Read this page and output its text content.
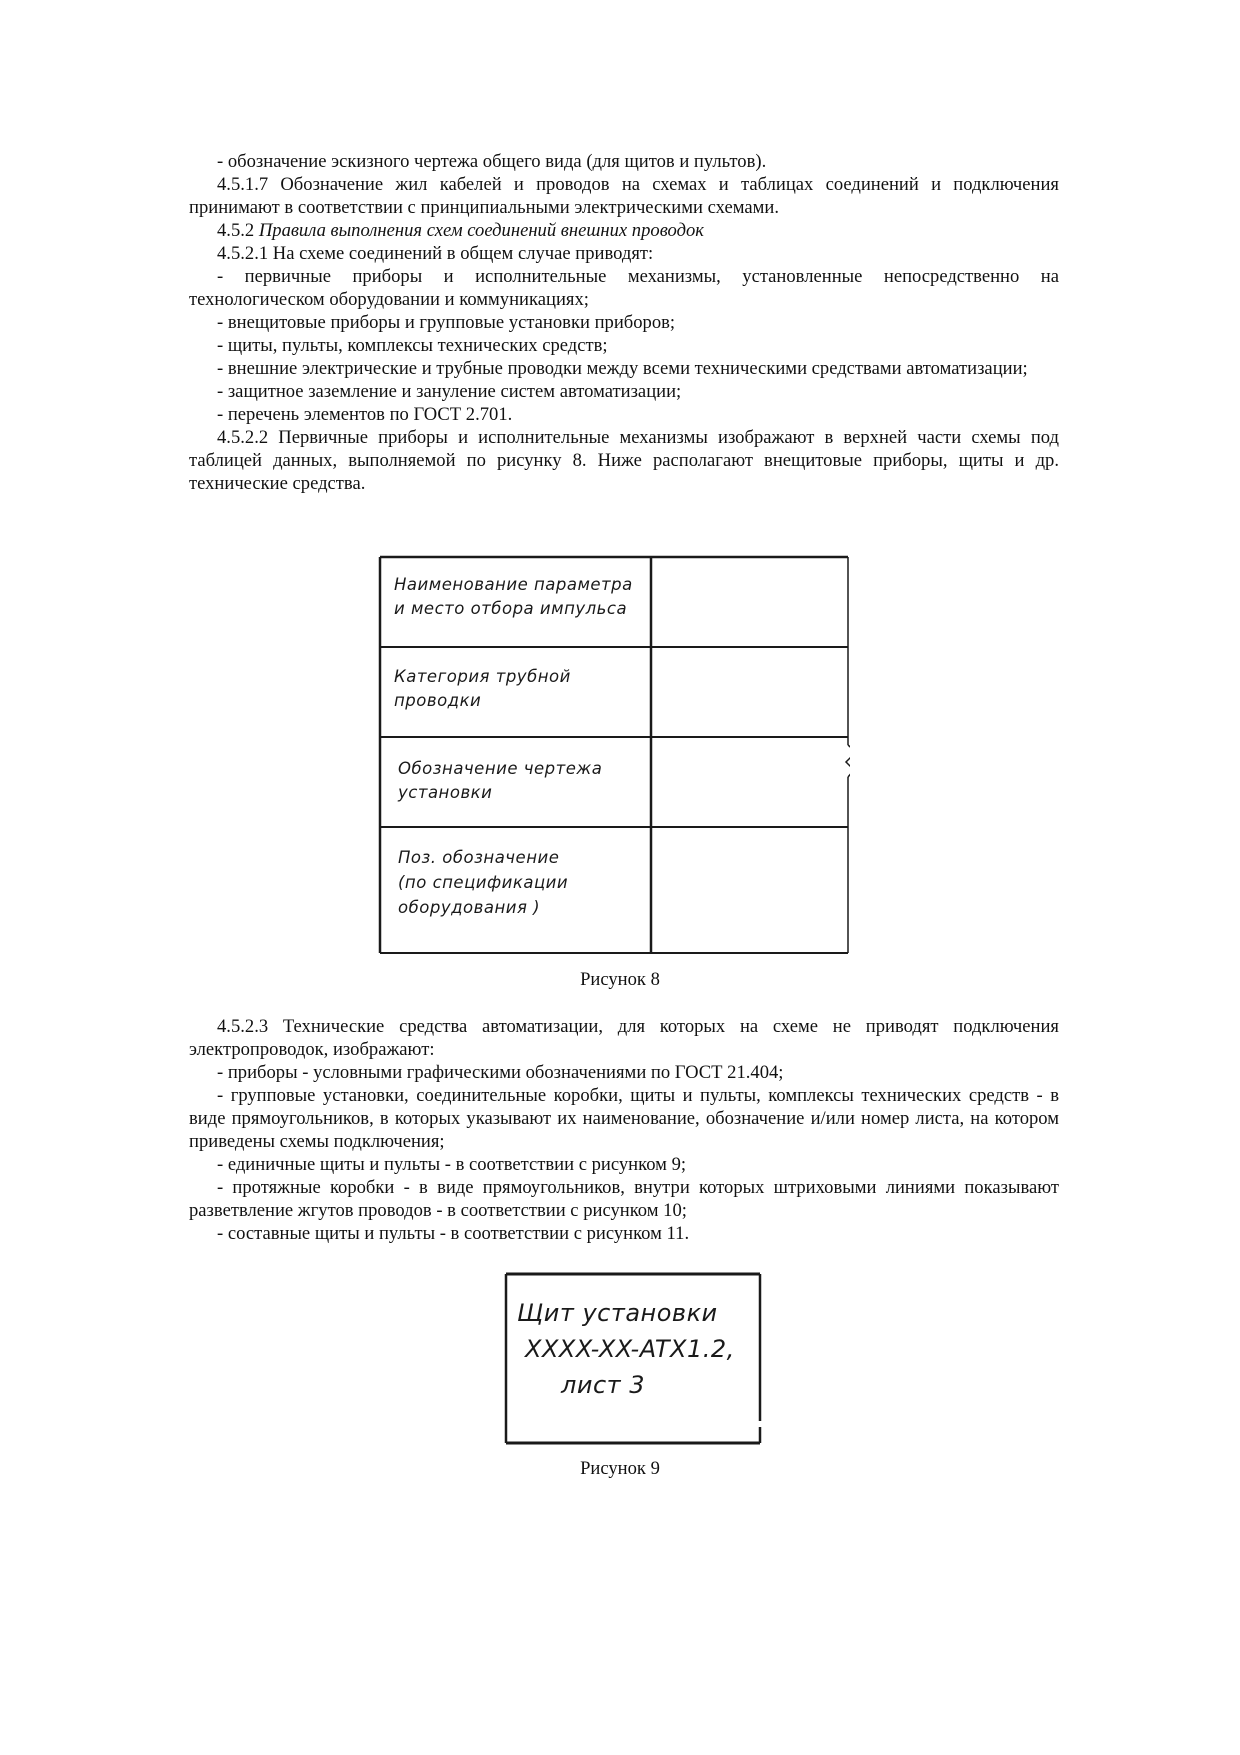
- обозначение эскизного чертежа общего вида (для щитов и пультов).

4.5.1.7 Обозначение жил кабелей и проводов на схемах и таблицах соединений и подключения принимают в соответствии с принципиальными электрическими схемами.

4.5.2 Правила выполнения схем соединений внешних проводок

4.5.2.1 На схеме соединений в общем случае приводят:

- первичные приборы и исполнительные механизмы, установленные непосредственно на технологическом оборудовании и коммуникациях;

- внещитовые приборы и групповые установки приборов;

- щиты, пульты, комплексы технических средств;

- внешние электрические и трубные проводки между всеми техническими средствами автоматизации;

- защитное заземление и зануление систем автоматизации;

- перечень элементов по ГОСТ 2.701.

4.5.2.2 Первичные приборы и исполнительные механизмы изображают в верхней части схемы под таблицей данных, выполняемой по рисунку 8. Ниже располагают внещитовые приборы, щиты и др. технические средства.

Наименование параметра
и место отбора импульса
Категория трубной
проводки
Обозначение чертежа
установки
Поз. обозначение
(по спецификации
оборудования )
Рисунок 8

4.5.2.3 Технические средства автоматизации, для которых на схеме не приводят подключения электропроводок, изображают:

- приборы - условными графическими обозначениями по ГОСТ 21.404;

- групповые установки, соединительные коробки, щиты и пульты, комплексы технических средств - в виде прямоугольников, в которых указывают их наименование, обозначение и/или номер листа, на котором приведены схемы подключения;

- единичные щиты и пульты - в соответствии с рисунком 9;

- протяжные коробки - в виде прямоугольников, внутри которых штриховыми линиями показывают разветвление жгутов проводов - в соответствии с рисунком 10;

- составные щиты и пульты - в соответствии с рисунком 11.

Щит установки
XXXX-XX-ATX1.2,
лист 3
Рисунок 9
